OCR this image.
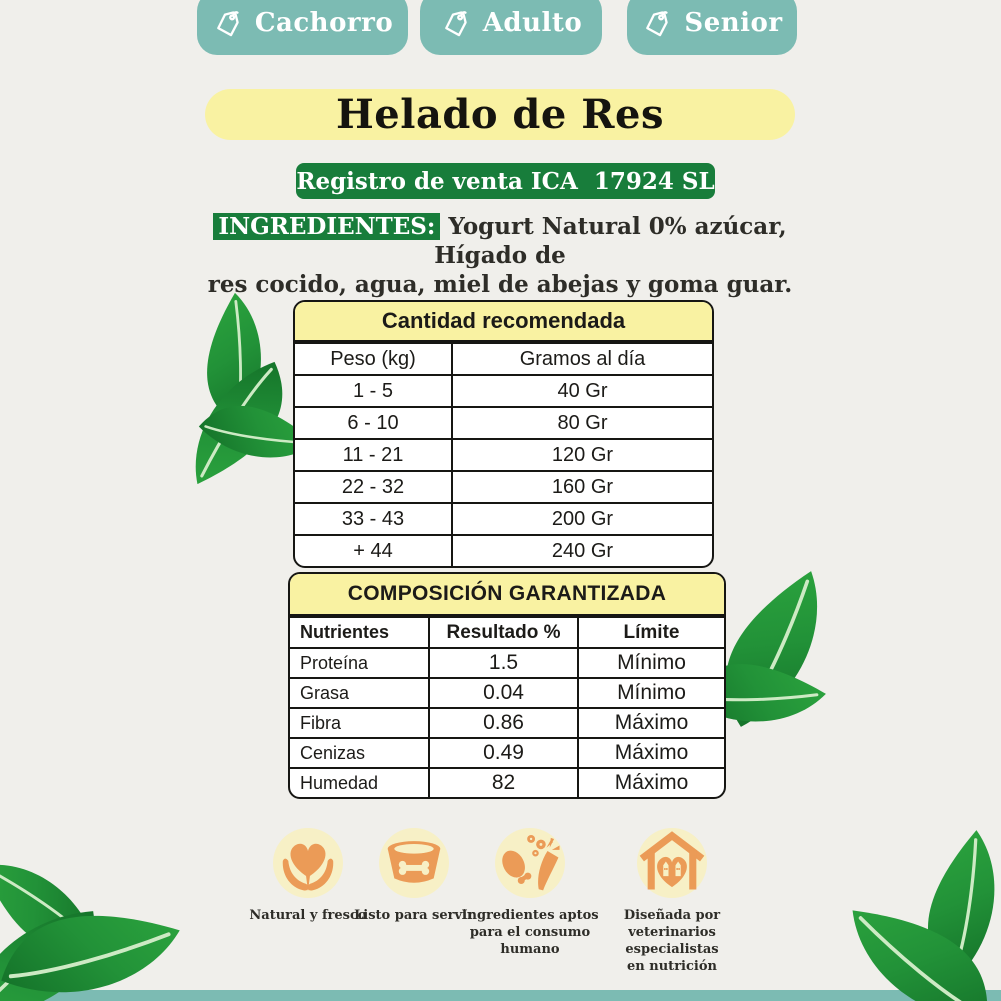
Cachorro	Adulto	Senior
Helado de Res
Registro de venta ICA  17924 SL
INGREDIENTES: Yogurt Natural 0% azúcar, Hígado de
res cocido, agua, miel de abejas y goma guar.
Cantidad recomendada
Peso (kg)	Gramos al día
1 - 5	40 Gr
6 - 10	80 Gr
11 - 21	120 Gr
22 - 32	160 Gr
33 - 43	200 Gr
+ 44	240 Gr
COMPOSICIÓN GARANTIZADA
Nutrientes	Resultado %	Límite
Proteína	1.5	Mínimo
Grasa	0.04	Mínimo
Fibra	0.86	Máximo
Cenizas	0.49	Máximo
Humedad	82	Máximo
Natural y fresco
Listo para servir
Ingredientes aptos
para el consumo humano
Diseñada por
veterinarios especialistas
en nutrición
